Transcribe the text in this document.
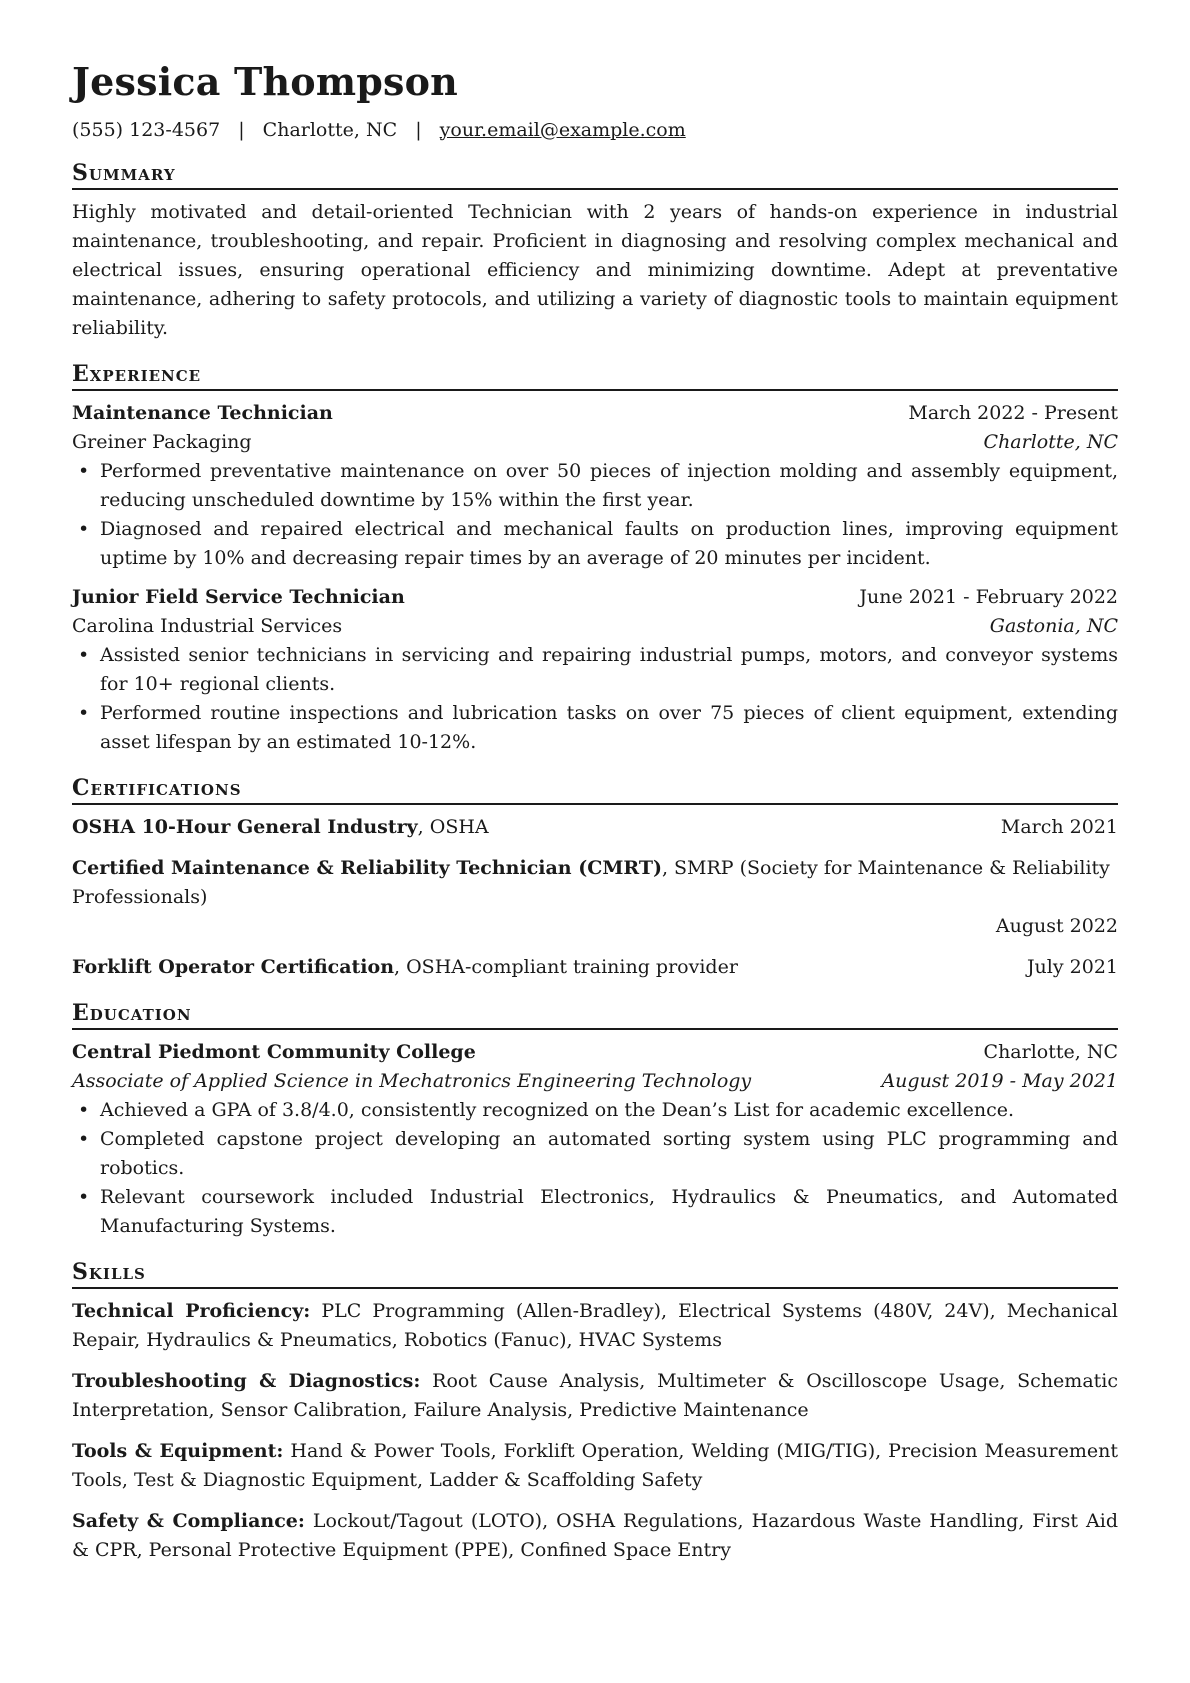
Jessica Thompson
(555) 123-4567 | Charlotte, NC | your.email@example.com
Summary

Highly motivated and detail-oriented Technician with 2 years of hands-on experience in industrial maintenance, troubleshooting, and repair. Proficient in diagnosing and resolving complex mechanical and electrical issues, ensuring operational efficiency and minimizing downtime. Adept at preventative maintenance, adhering to safety protocols, and utilizing a variety of diagnostic tools to maintain equipment reliability.

Experience
Maintenance Technician	March 2022 - Present
Greiner Packaging	Charlotte, NC
• Performed preventative maintenance on over 50 pieces of injection molding and assembly equipment, reducing unscheduled downtime by 15% within the first year.
• Diagnosed and repaired electrical and mechanical faults on production lines, improving equipment uptime by 10% and decreasing repair times by an average of 20 minutes per incident.
Junior Field Service Technician	June 2021 - February 2022
Carolina Industrial Services	Gastonia, NC
• Assisted senior technicians in servicing and repairing industrial pumps, motors, and conveyor systems for 10+ regional clients.
• Performed routine inspections and lubrication tasks on over 75 pieces of client equipment, extending asset lifespan by an estimated 10-12%.
Certifications
OSHA 10-Hour General Industry, OSHA	March 2021
Certified Maintenance & Reliability Technician (CMRT), SMRP (Society for Maintenance & Reliability Professionals)
August 2022
Forklift Operator Certification, OSHA-compliant training provider	July 2021
Education
Central Piedmont Community College	Charlotte, NC
Associate of Applied Science in Mechatronics Engineering Technology	August 2019 - May 2021
• Achieved a GPA of 3.8/4.0, consistently recognized on the Dean’s List for academic excellence.
• Completed capstone project developing an automated sorting system using PLC programming and robotics.
• Relevant coursework included Industrial Electronics, Hydraulics & Pneumatics, and Automated Manufacturing Systems.
Skills
Technical Proficiency: PLC Programming (Allen-Bradley), Electrical Systems (480V, 24V), Mechanical Repair, Hydraulics & Pneumatics, Robotics (Fanuc), HVAC Systems
Troubleshooting & Diagnostics: Root Cause Analysis, Multimeter & Oscilloscope Usage, Schematic Interpretation, Sensor Calibration, Failure Analysis, Predictive Maintenance
Tools & Equipment: Hand & Power Tools, Forklift Operation, Welding (MIG/TIG), Precision Measurement Tools, Test & Diagnostic Equipment, Ladder & Scaffolding Safety
Safety & Compliance: Lockout/Tagout (LOTO), OSHA Regulations, Hazardous Waste Handling, First Aid & CPR, Personal Protective Equipment (PPE), Confined Space Entry
